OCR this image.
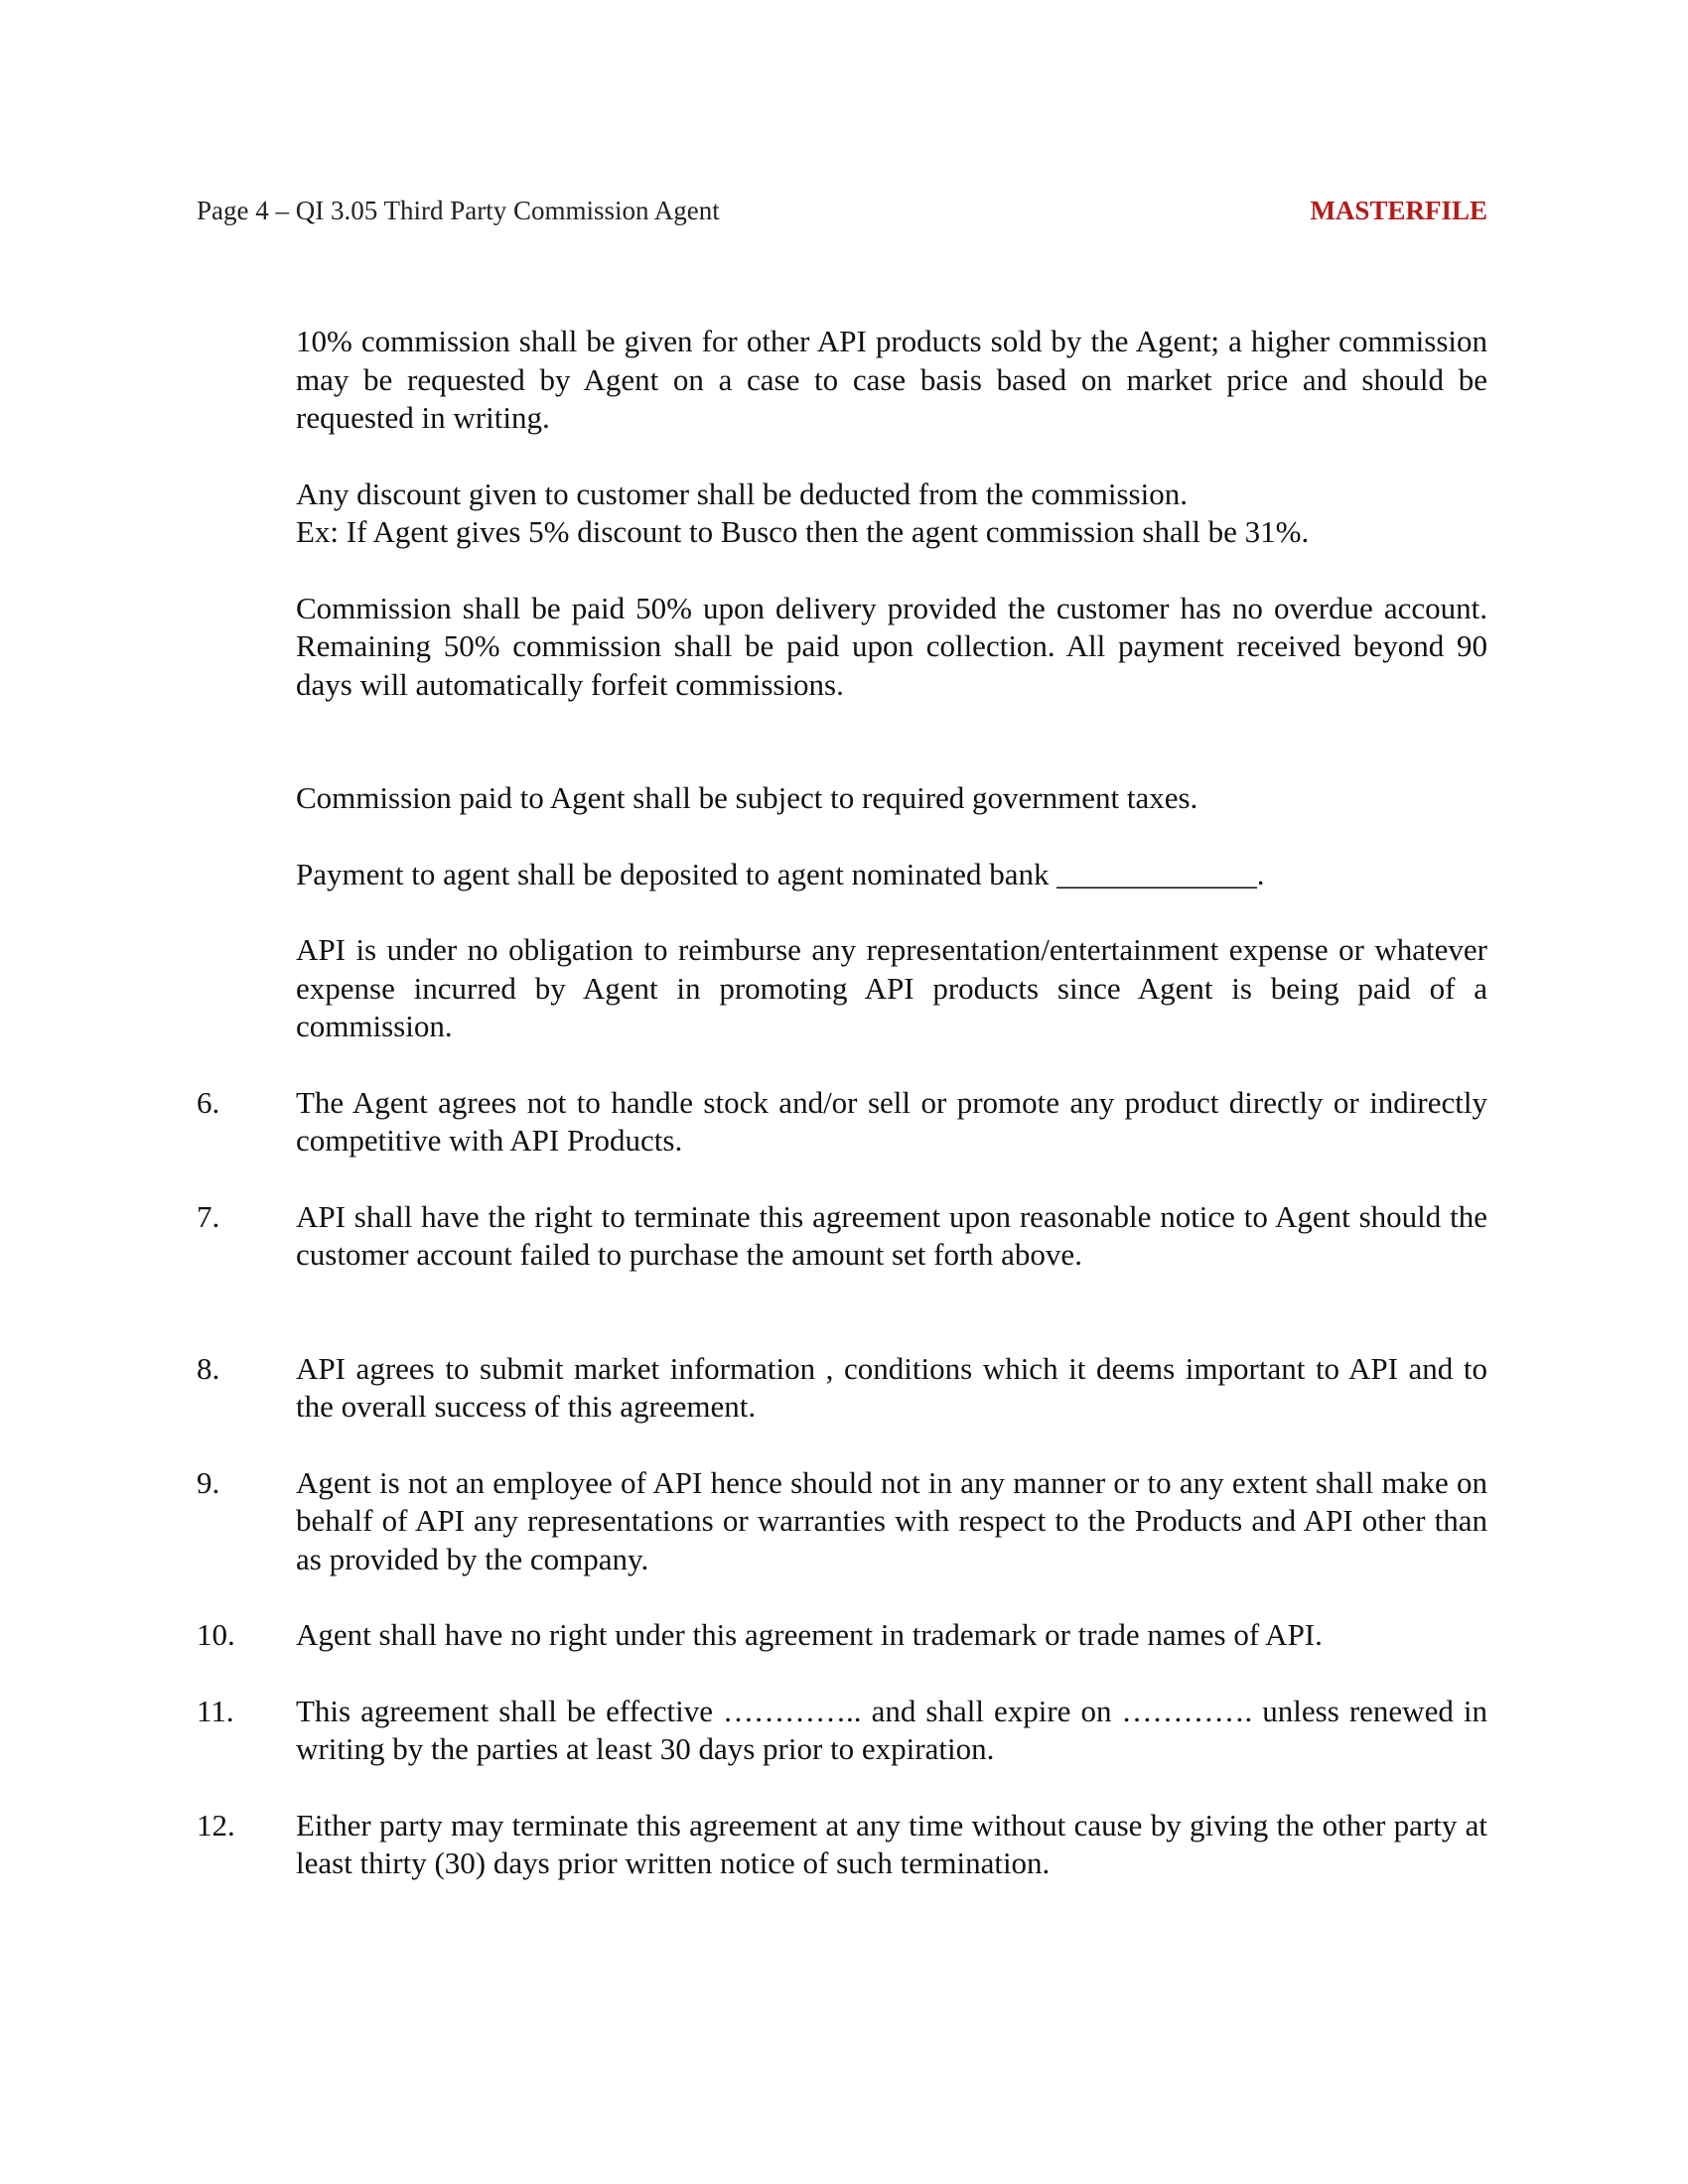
Page 4 – QI 3.05 Third Party Commission Agent	MASTERFILE
10% commission shall be given for other API products sold by the Agent; a higher commission may be requested by Agent on a case to case basis based on market price and should be requested in writing.
Any discount given to customer shall be deducted from the commission.
Ex: If Agent gives 5% discount to Busco then the agent commission shall be 31%.
Commission shall be paid 50% upon delivery provided the customer has no overdue account. Remaining 50% commission shall be paid upon collection. All payment received beyond 90 days will automatically forfeit commissions.
Commission paid to Agent shall be subject to required government taxes.
Payment to agent shall be deposited to agent nominated bank _____________.
API is under no obligation to reimburse any representation/entertainment expense or whatever expense incurred by Agent in promoting API products since Agent is being paid of a commission.
6.	The Agent agrees not to handle stock and/or sell or promote any product directly or indirectly competitive with API Products.
7.	API shall have the right to terminate this agreement upon reasonable notice to Agent should the customer account failed to purchase the amount set forth above.
8.	API agrees to submit market information , conditions which it deems important to API and to the overall success of this agreement.
9.	Agent is not an employee of API hence should not in any manner or to any extent shall make on behalf of API any representations or warranties with respect to the Products and API other than as provided by the company.
10.	Agent shall have no right under this agreement in trademark or trade names of API.
11.	This agreement shall be effective ………….. and shall expire on …………. unless renewed in writing by the parties at least 30 days prior to expiration.
12.	Either party may terminate this agreement at any time without cause by giving the other party at least thirty (30) days prior written notice of such termination.
